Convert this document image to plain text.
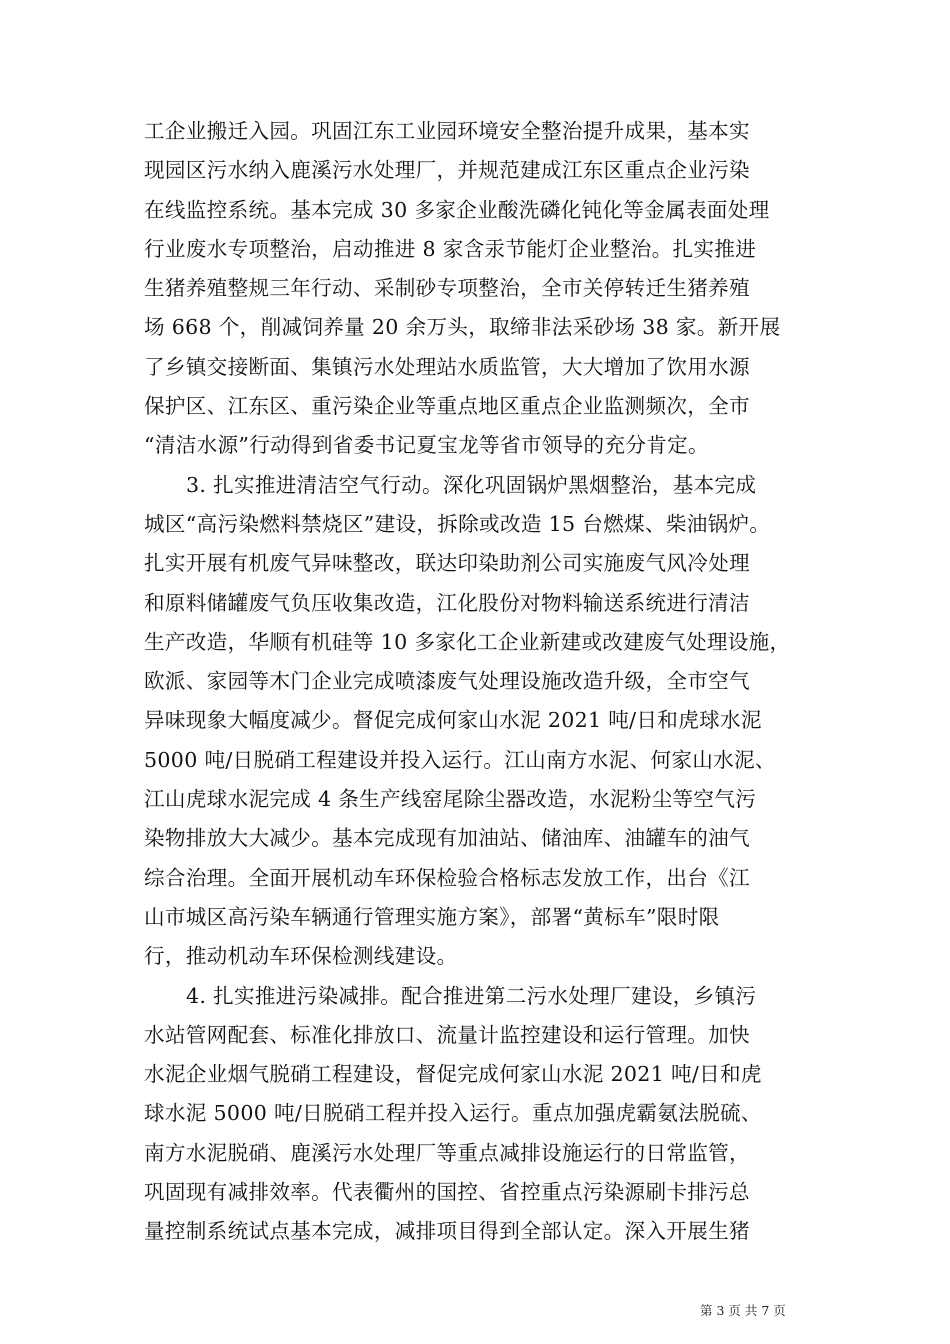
工企业搬迁入园。巩固江东工业园环境安全整治提升成果，基本实
现园区污水纳入鹿溪污水处理厂，并规范建成江东区重点企业污染
在线监控系统。基本完成 30 多家企业酸洗磷化钝化等金属表面处理
行业废水专项整治，启动推进 8 家含汞节能灯企业整治。扎实推进
生猪养殖整规三年行动、采制砂专项整治，全市关停转迁生猪养殖
场 668 个，削减饲养量 20 余万头，取缔非法采砂场 38 家。新开展
了乡镇交接断面、集镇污水处理站水质监管，大大增加了饮用水源
保护区、江东区、重污染企业等重点地区重点企业监测频次，全市
“清洁水源”行动得到省委书记夏宝龙等省市领导的充分肯定。

3. 扎实推进清洁空气行动。深化巩固锅炉黑烟整治，基本完成
城区“高污染燃料禁烧区”建设，拆除或改造 15 台燃煤、柴油锅炉。
扎实开展有机废气异味整改，联达印染助剂公司实施废气风冷处理
和原料储罐废气负压收集改造，江化股份对物料输送系统进行清洁
生产改造，华顺有机硅等 10 多家化工企业新建或改建废气处理设施，
欧派、家园等木门企业完成喷漆废气处理设施改造升级，全市空气
异味现象大幅度减少。督促完成何家山水泥 2021 吨/日和虎球水泥
5000 吨/日脱硝工程建设并投入运行。江山南方水泥、何家山水泥、
江山虎球水泥完成 4 条生产线窑尾除尘器改造，水泥粉尘等空气污
染物排放大大减少。基本完成现有加油站、储油库、油罐车的油气
综合治理。全面开展机动车环保检验合格标志发放工作，出台《江
山市城区高污染车辆通行管理实施方案》，部署“黄标车”限时限
行，推动机动车环保检测线建设。

4. 扎实推进污染减排。配合推进第二污水处理厂建设，乡镇污
水站管网配套、标准化排放口、流量计监控建设和运行管理。加快
水泥企业烟气脱硝工程建设，督促完成何家山水泥 2021 吨/日和虎
球水泥 5000 吨/日脱硝工程并投入运行。重点加强虎霸氨法脱硫、
南方水泥脱硝、鹿溪污水处理厂等重点减排设施运行的日常监管，
巩固现有减排效率。代表衢州的国控、省控重点污染源刷卡排污总
量控制系统试点基本完成，减排项目得到全部认定。深入开展生猪

第 3 页 共 7 页
